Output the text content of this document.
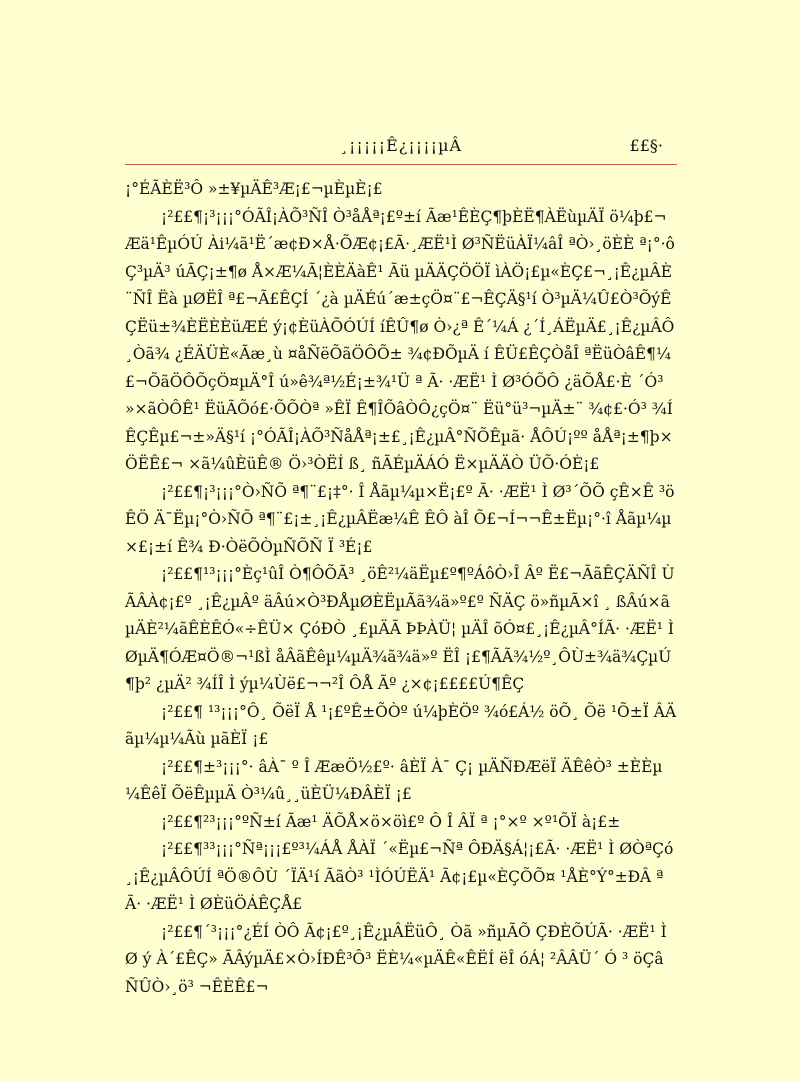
¸¡¡¡¡¡Ê¿¡¡¡¡µÂ	££§·

¡°ÉÃÈË³Ô »±¥µÄÊ³Æ¡£¬µÈµÈ¡£

¡²££¶¡³¡¡¡°ÓÃÎ¡ÀÕ³ÑÎ Ò³åÅª¡£º±í Ãæ¹ÊÈÇ¶þÈË¶ÀËùµÄÏ ö¼þ£¬Æä¹ÊµÓÚ Ài¼ã¹Ë´æ¢Ð×Å·ÕÆ¢¡£Ã·¸ÆË¹Ì Ø³ÑËüÀÏ¼âÎ ªÒ›¸öÈÈ ª¡°·ôÇ³µÄ³ úÃÇ¡±¶ø Å×Æ¼Ã¦ÈÈÄàÊ¹ Ãü µÄÄÇÖÖÏ ìÀÖ¡£µ«ÈÇ£¬¸¡Ê¿µÂÈ¨ÑÎ Ëà µØËÎ ª£¬Ã£ÊÇÍ ´¿à µÄÉú´æ±çÖ¤¨£¬ÊÇÄ§¹í Ò³µÄ¼Û£Ò³ÕýÊÇËü±¾ÈËÈÈüÆÉ ý¡¢ÈüÀÕÓÚÍ íÊÛ¶ø Ò›¿ª Ê´¼Á ¿´Í¸ÁËµÄ£¸¡Ê¿µÂÔ¸Òã¾ ¿ÉÄÜÈ«Ãæ¸ù ¤åÑëÕãÖÔÕ± ¾¢ÐÕµÄ í ÊÜ£ÊÇÒåÎ ªËüÒâÊ¶¼£¬ÕãÖÔÕçÖ¤µÄ°Î ú»ê¾ª½É¡±¾¹Ü ª Ã· ·ÆË¹ Ì Ø³ÓÕÔ ¿äÕÅ£·È ´Ó³ »×ãÒÔÊ¹ ËüÃÕó£·ÕÕÒª »ÊÏ Ê¶ÎÕâÒÔ¿çÖ¤¨ Ëü°ü³¬µÄ±¨ ¾¢£·Ó³ ¾Í ÊÇÊµ£¬±»Ä§¹í ¡°ÓÃÎ¡ÀÕ³ÑåÅª¡±£¸¡Ê¿µÂ°ÑÕÊµã· ÅÔÚ¡ºº åÅª¡±¶þ×ÖËÊ£¬ ×ã¼ûÈüÊ® Ö›³ÒËÍ ß¸ ñÃÉµÄÁÓ Ë×µÄÄÒ ÜÕ·ÓÈ¡£

¡²££¶¡³¡¡¡°Ò›ÑÕ ª¶¨£¡‡°· Î Åãµ¼µ×Ë¡£º Ã· ·ÆË¹ Ì Ø³´ÕÕ çÊ×Ê ³öÊÖ Ä¯Ëµ¡°Ò›ÑÕ ª¶¨£¡±¸¡Ê¿µÂËæ¼Ê ÊÔ àÎ Õ£¬Í¬¬Ê±Ëµ¡°·î Åãµ¼µ×£¡±í Ê¾ Ð·ÒëÕÒµÑÕÑ Ï ³É¡£

¡²££¶¹³¡¡¡°Èç¹ûÎ Ò¶ÔÕÃ³ ¸öÊ²¼äËµ£º¶ºÁôÒ›Î Âº Ë£¬ÃãÊÇÄÑÎ ÙÃÂÀ¢¡£º ¸¡Ê¿µÂº äÂú×Ò³ÐÅµØÈËµÃã¾ä»º£º ÑÄÇ ö»ñµÃ×î ¸ ßÂú×ãµÄÈ²¼ãÊÈÊÓ«÷ÊÜ× ÇóÐÒ ¸£µÄÃ ÞÞÀÜ¦ µÄÎ õÓ¤£¸¡Ê¿µÂ°ÍÃ· ·ÆË¹ Ì ØµÄ¶ÓÆ¤Ö®¬¹ßÌ åÂãÊêµ¼µÄ¾ã¾ä»º ËÎ ¡£¶ÃÃ¾½º¸ÔÙ±¾ä¾ÇµÚ¶þ² ¿µÄ² ¾ÍÎ Ì ýµ¼Ùë£¬¬²Î ÔÅ Ãº ¿×¢¡££££Ú¶ÊÇ

¡²££¶ ¹³¡¡¡°Ô¸ ÕëÏ Å ¹¡£ºÊ±ÕÒº ú¼þÈÖº ¾ó£Á½ öÕ¸ Õë ¹Õ±Ï ÂÄãµ¼µ¼Ãù µãÈÏ ¡£

¡²££¶±³¡¡¡°· âÀ¯ º Î ÆæÖ½£º· âÈÏ À¯ Ç¡ µÄÑÐÆëÏ ÄÊêÒ³ ±ÈÈµ¼ÊêÏ ÕëÊµµÄ Ò³¼û¸¸üÈÜ¼ÐÂÈÏ ¡£

¡²££¶²³¡¡¡°ºÑ±í Ãæ¹ ÄÕÅ×ö×öì£º Ô Î ÂÏ ª ¡°×º ×º¹ÕÏ à¡£±

¡²££¶³³¡¡¡°Ñª¡¡¡£º³¼ÁÅ ÅÀÏ ´«Ëµ£¬Ñª ÔÐÄ§Á¦¡£Ã· ·ÆË¹ Ì ØÒªÇó¸¡Ê¿µÂÔÚÍ ªÖ®ÔÙ ´ÏÄ¹í ÃãÒ³ ¹ÌÓÚËÄ¹ Ã¢¡£µ«ÈÇÕÕ¤ ¹ÅÈ°Ý°±ÐÂ ª Ã· ·ÆË¹ Ì ØÈüÖÁÊÇÅ£

¡²££¶´³¡¡¡°¿ÉÍ ÒÔ Ã¢¡£º¸¡Ê¿µÂËüÔ¸ Òã »ñµÃÕ ÇÐÈÕÚÃ· ·ÆË¹ ÌØ ý À´£ÊÇ» ÃÂýµÄ£×Ò›ÍÐÊ³Ô³ ËÈ¼«µÄÊ«ÊËÍ ëÎ óÁ¦ ²ÂÂÜ´ Ó ³ öÇâÑÛÒ›¸ö³ ¬ÊÈÊ£¬
